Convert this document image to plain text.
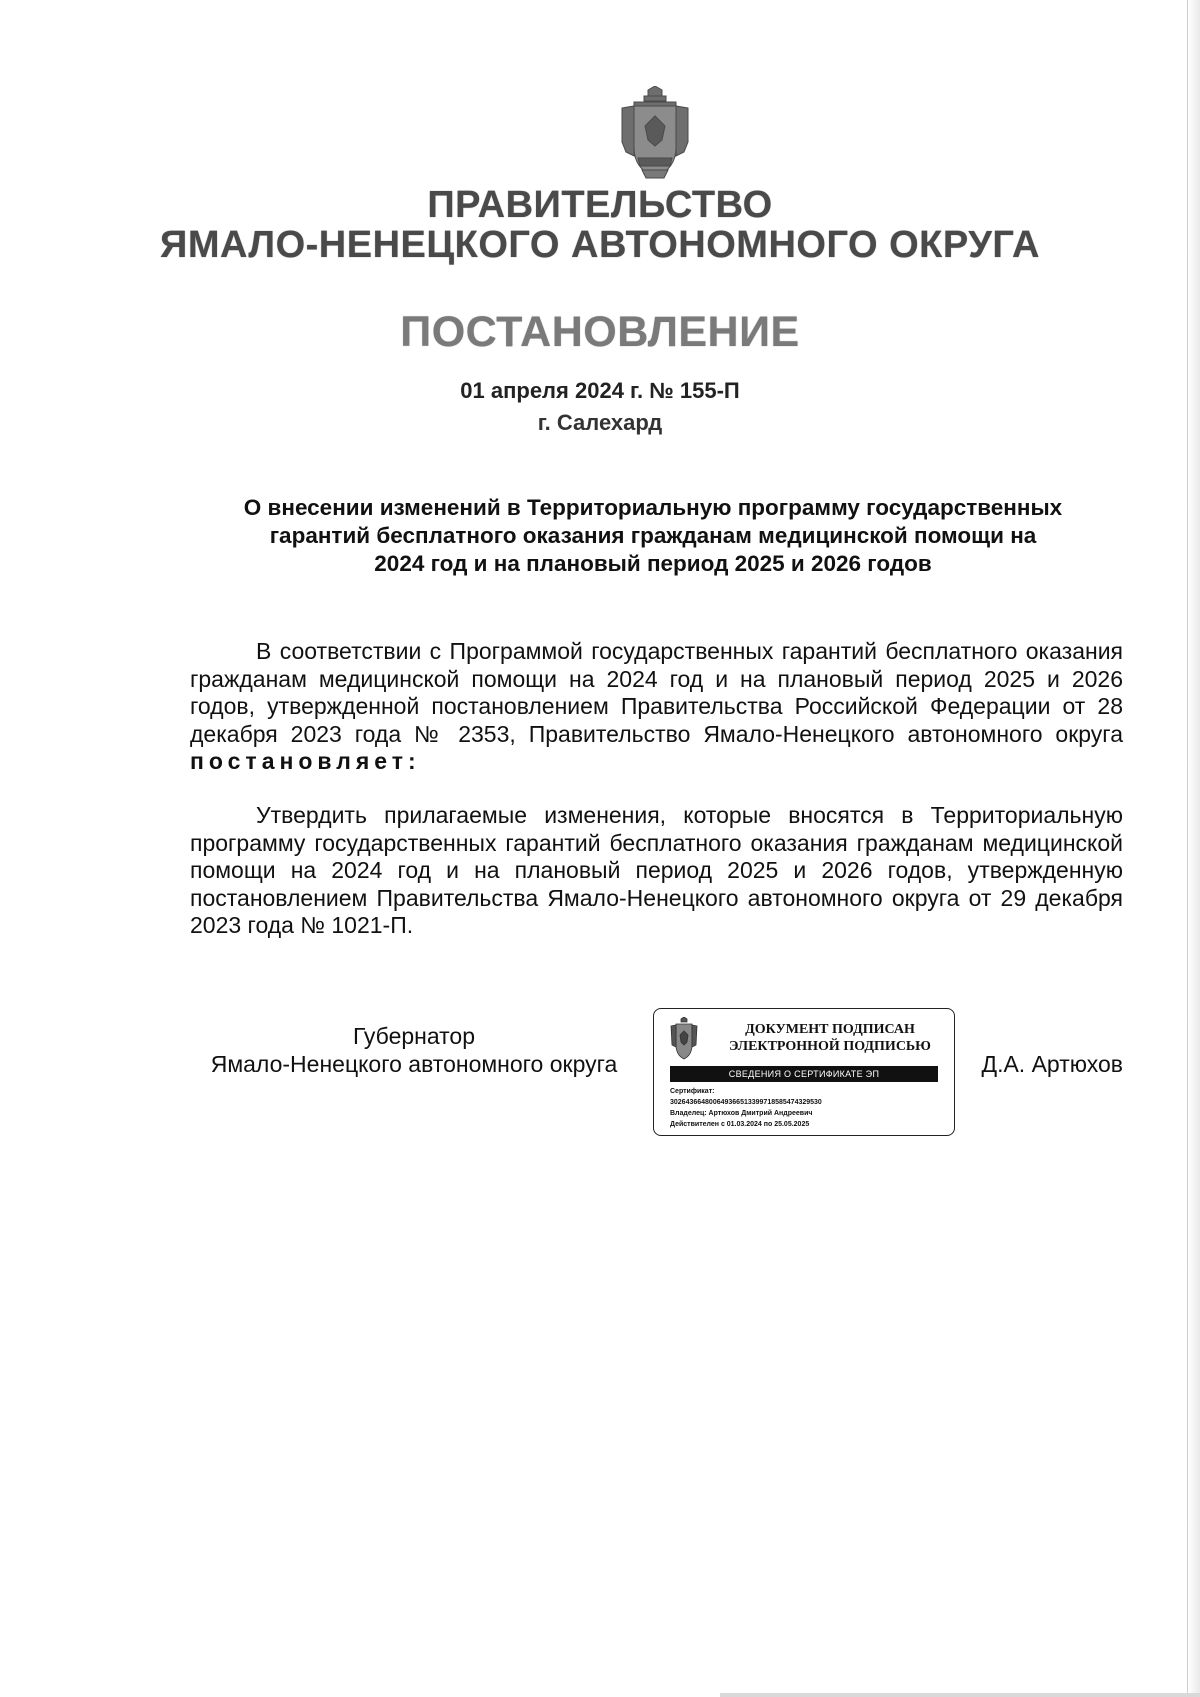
ПРАВИТЕЛЬСТВО
ЯМАЛО-НЕНЕЦКОГО АВТОНОМНОГО ОКРУГА
ПОСТАНОВЛЕНИЕ
01 апреля 2024 г. № 155-П
г. Салехард
О внесении изменений в Территориальную программу государственных
гарантий бесплатного оказания гражданам медицинской помощи на
2024 год и на плановый период 2025 и 2026 годов
В соответствии с Программой государственных гарантий бесплатного оказания гражданам медицинской помощи на 2024 год и на плановый период 2025 и 2026 годов, утвержденной постановлением Правительства Российской Федерации от 28 декабря 2023 года № 2353, Правительство Ямало-Ненецкого автономного округа постановляет:
Утвердить прилагаемые изменения, которые вносятся в Территориальную программу государственных гарантий бесплатного оказания гражданам медицинской помощи на 2024 год и на плановый период 2025 и 2026 годов, утвержденную постановлением Правительства Ямало-Ненецкого автономного округа от 29 декабря 2023 года № 1021-П.
Губернатор
Ямало-Ненецкого автономного округа
ДОКУМЕНТ ПОДПИСАН
ЭЛЕКТРОННОЙ ПОДПИСЬЮ
СВЕДЕНИЯ О СЕРТИФИКАТЕ ЭП
Сертификат:
302643664800649366513399718585474329530
Владелец: Артюхов Дмитрий Андреевич
Действителен с 01.03.2024 по 25.05.2025
Д.А. Артюхов
